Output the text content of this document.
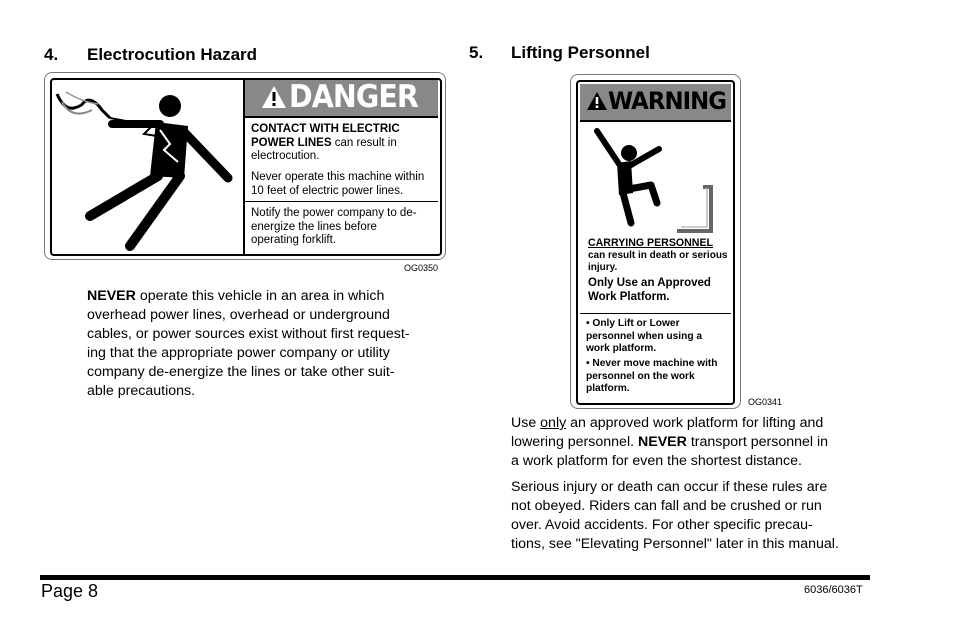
4. Electrocution Hazard
DANGER
CONTACT WITH ELECTRIC POWER LINES can result in electrocution.
Never operate this machine within 10 feet of electric power lines.
Notify the power company to de-energize the lines before operating forklift.
OG0350
NEVER operate this vehicle in an area in which
overhead power lines, overhead or underground
cables, or power sources exist without first request-
ing that the appropriate power company or utility
company de-energize the lines or take other suit-
able precautions.
5. Lifting Personnel
WARNING
CARRYING PERSONNEL
can result in death or serious injury.
Only Use an Approved Work Platform.
• Only Lift or Lower personnel when using a work platform.
• Never move machine with personnel on the work platform.
OG0341
Use only an approved work platform for lifting and
lowering personnel. NEVER transport personnel in
a work platform for even the shortest distance.
Serious injury or death can occur if these rules are
not obeyed. Riders can fall and be crushed or run
over. Avoid accidents. For other specific precau-
tions, see "Elevating Personnel" later in this manual.
Page 8	6036/6036T
